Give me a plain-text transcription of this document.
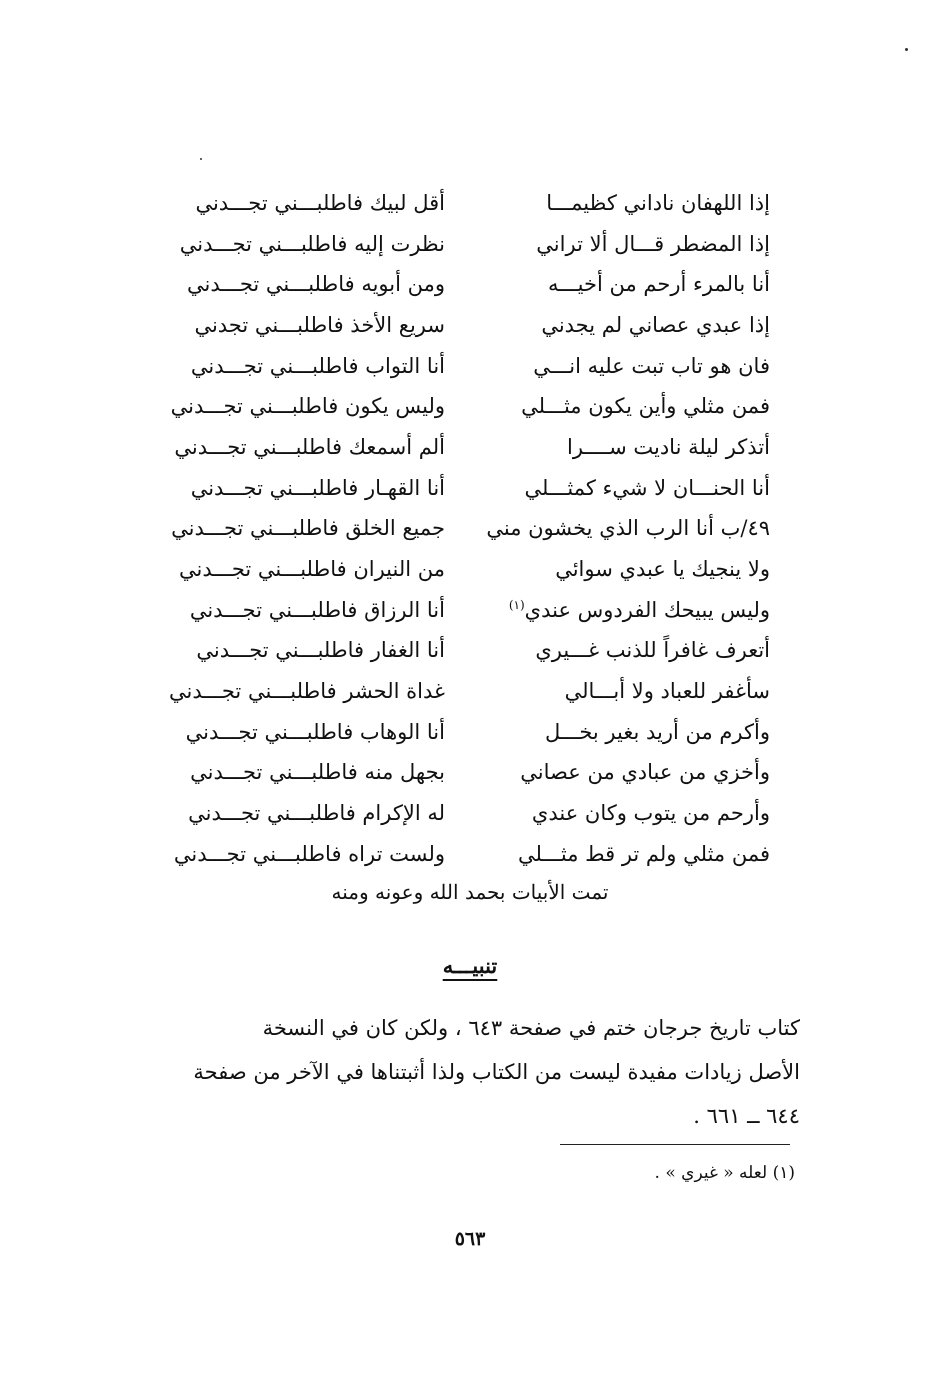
إذا اللهفان ناداني كظيمـــا
أقل لبيك فاطلبـــني تجـــدني
إذا المضطر قـــال ألا تراني
نظرت إليه فاطلبـــني تجـــدني
أنا بالمرء أرحم من أخيـــه
ومن أبويه فاطلبـــني تجـــدني
إذا عبدي عصاني لم يجدني
سريع الأخذ فاطلبـــني تجدني
فان هو تاب تبت عليه انـــي
أنا التواب فاطلبـــني تجـــدني
فمن مثلي وأين يكون مثـــلي
وليس يكون فاطلبـــني تجـــدني
أتذكر ليلة ناديت ســــرا
ألم أسمعك فاطلبـــني تجـــدني
أنا الحنـــان لا شيء كمثـــلي
أنا القهـار فاطلبـــني تجـــدني
٤٩/ب أنا الرب الذي يخشون مني
جميع الخلق فاطلبـــني تجـــدني
ولا ينجيك يا عبدي سوائي
من النيران فاطلبـــني تجـــدني
وليس يبيحك الفردوس عندي$^{(١)}$
أنا الرزاق فاطلبـــني تجـــدني
أتعرف غافراً للذنب غـــيري
أنا الغفار فاطلبـــني تجـــدني
سأغفر للعباد ولا أبـــالي
غداة الحشر فاطلبـــني تجـــدني
وأكرم من أريد بغير بخـــل
أنا الوهاب فاطلبـــني تجـــدني
وأخزي من عبادي من عصاني
بجهل منه فاطلبـــني تجـــدني
وأرحم من يتوب وكان عندي
له الإكرام فاطلبـــني تجـــدني
فمن مثلي ولم تر قط مثـــلي
ولست تراه فاطلبـــني تجـــدني
تمت الأبيات بحمد الله وعونه ومنه
تنبيـــه
كتاب تاريخ جرجان ختم في صفحة ٦٤٣ ، ولكن كان في النسخة
الأصل زيادات مفيدة ليست من الكتاب ولذا أثبتناها في الآخر من صفحة
٦٤٤ ــ ٦٦١ .
(١) لعله « غيري » .
٥٦٣
